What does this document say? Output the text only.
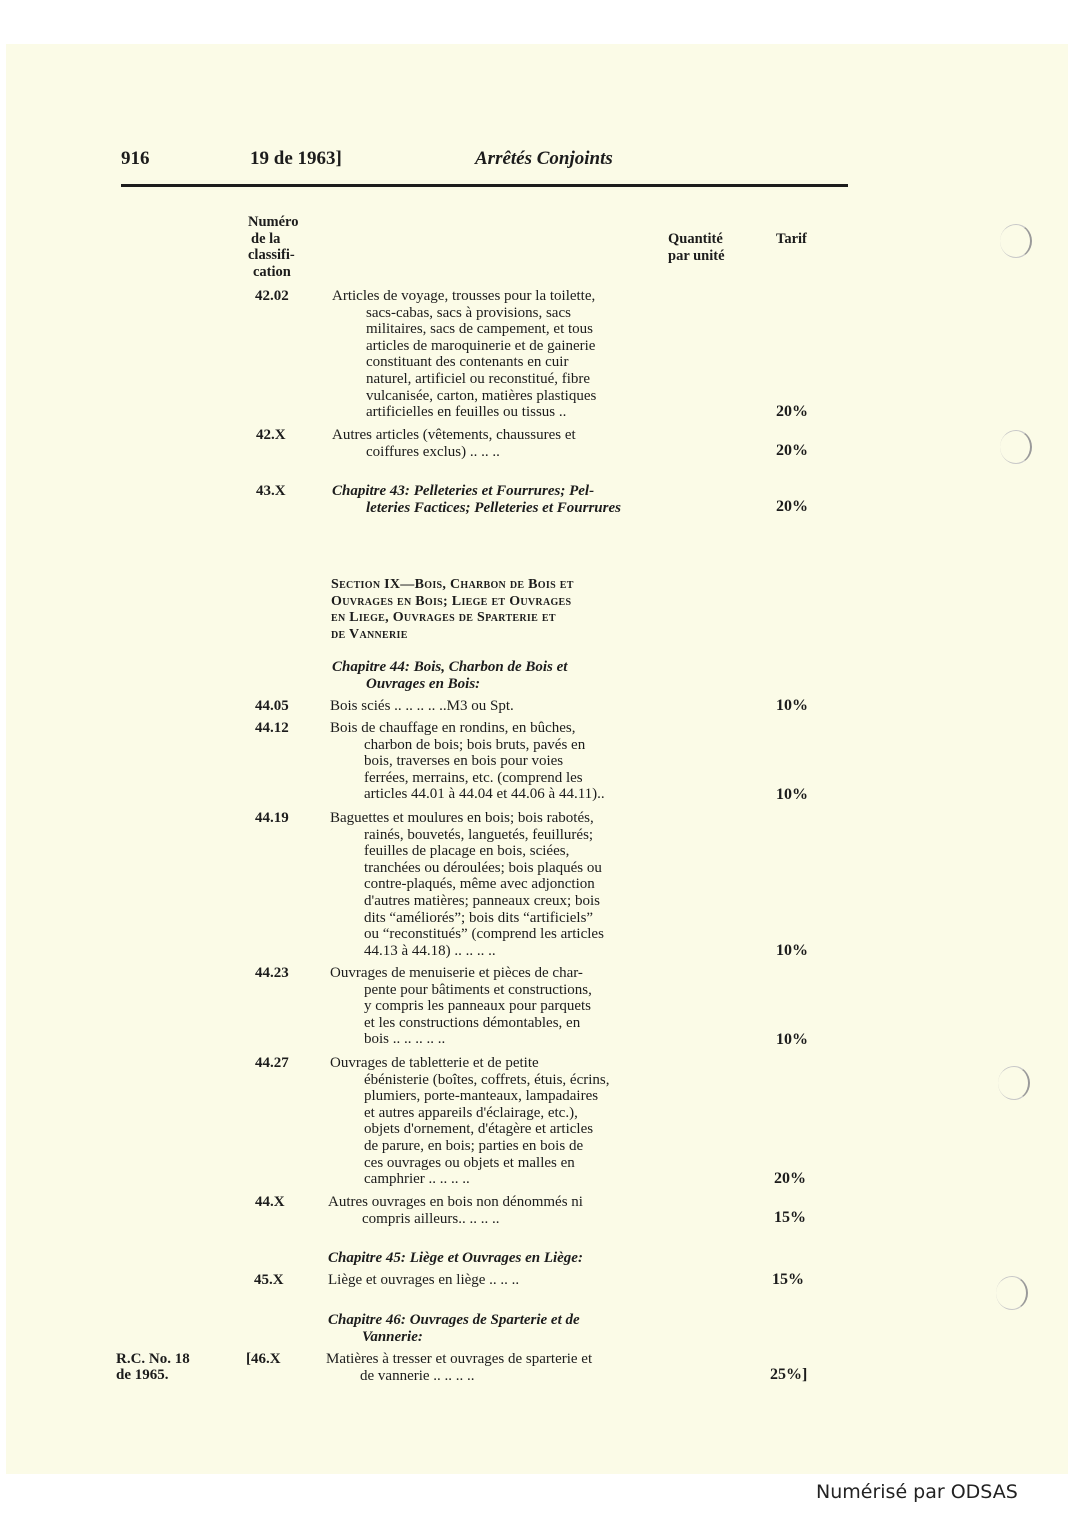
916	19 de 1963]	Arrêtés Conjoints
Numéro
de la
classifi-
cation
Quantité
par unité
Tarif
42.02	Articles de voyage, trousses pour la toilette,
sacs-cabas, sacs à provisions, sacs
militaires, sacs de campement, et tous
articles de maroquinerie et de gainerie
constituant des contenants en cuir
naturel, artificiel ou reconstitué, fibre
vulcanisée, carton, matières plastiques
artificielles en feuilles ou tissus ..	20%
42.X	Autres articles (vêtements, chaussures et
coiffures exclus) .. .. ..	20%
43.X	Chapitre 43: Pelleteries et Fourrures; Pel-
leteries Factices; Pelleteries et Fourrures	20%
Section IX—Bois, Charbon de Bois et
Ouvrages en Bois; Liege et Ouvrages
en Liege, Ouvrages de Sparterie et
de Vannerie
Chapitre 44: Bois, Charbon de Bois et
Ouvrages en Bois:
44.05	Bois sciés .. .. .. .. ..M3 ou Spt.	10%
44.12	Bois de chauffage en rondins, en bûches,
charbon de bois; bois bruts, pavés en
bois, traverses en bois pour voies
ferrées, merrains, etc. (comprend les
articles 44.01 à 44.04 et 44.06 à 44.11)..	10%
44.19	Baguettes et moulures en bois; bois rabotés,
rainés, bouvetés, languetés, feuillurés;
feuilles de placage en bois, sciées,
tranchées ou déroulées; bois plaqués ou
contre-plaqués, même avec adjonction
d'autres matières; panneaux creux; bois
dits “améliorés”; bois dits “artificiels”
ou “reconstitués” (comprend les articles
44.13 à 44.18) .. .. .. ..	10%
44.23	Ouvrages de menuiserie et pièces de char-
pente pour bâtiments et constructions,
y compris les panneaux pour parquets
et les constructions démontables, en
bois .. .. .. .. ..	10%
44.27	Ouvrages de tabletterie et de petite
ébénisterie (boîtes, coffrets, étuis, écrins,
plumiers, porte-manteaux, lampadaires
et autres appareils d'éclairage, etc.),
objets d'ornement, d'étagère et articles
de parure, en bois; parties en bois de
ces ouvrages ou objets et malles en
camphrier .. .. .. ..	20%
44.X	Autres ouvrages en bois non dénommés ni
compris ailleurs.. .. .. ..	15%
Chapitre 45: Liège et Ouvrages en Liège:
45.X	Liège et ouvrages en liège .. .. ..	15%
Chapitre 46: Ouvrages de Sparterie et de
Vannerie:
R.C. No. 18
de 1965.
[46.X	Matières à tresser et ouvrages de sparterie et
de vannerie .. .. .. ..	25%]
Numérisé par ODSAS
